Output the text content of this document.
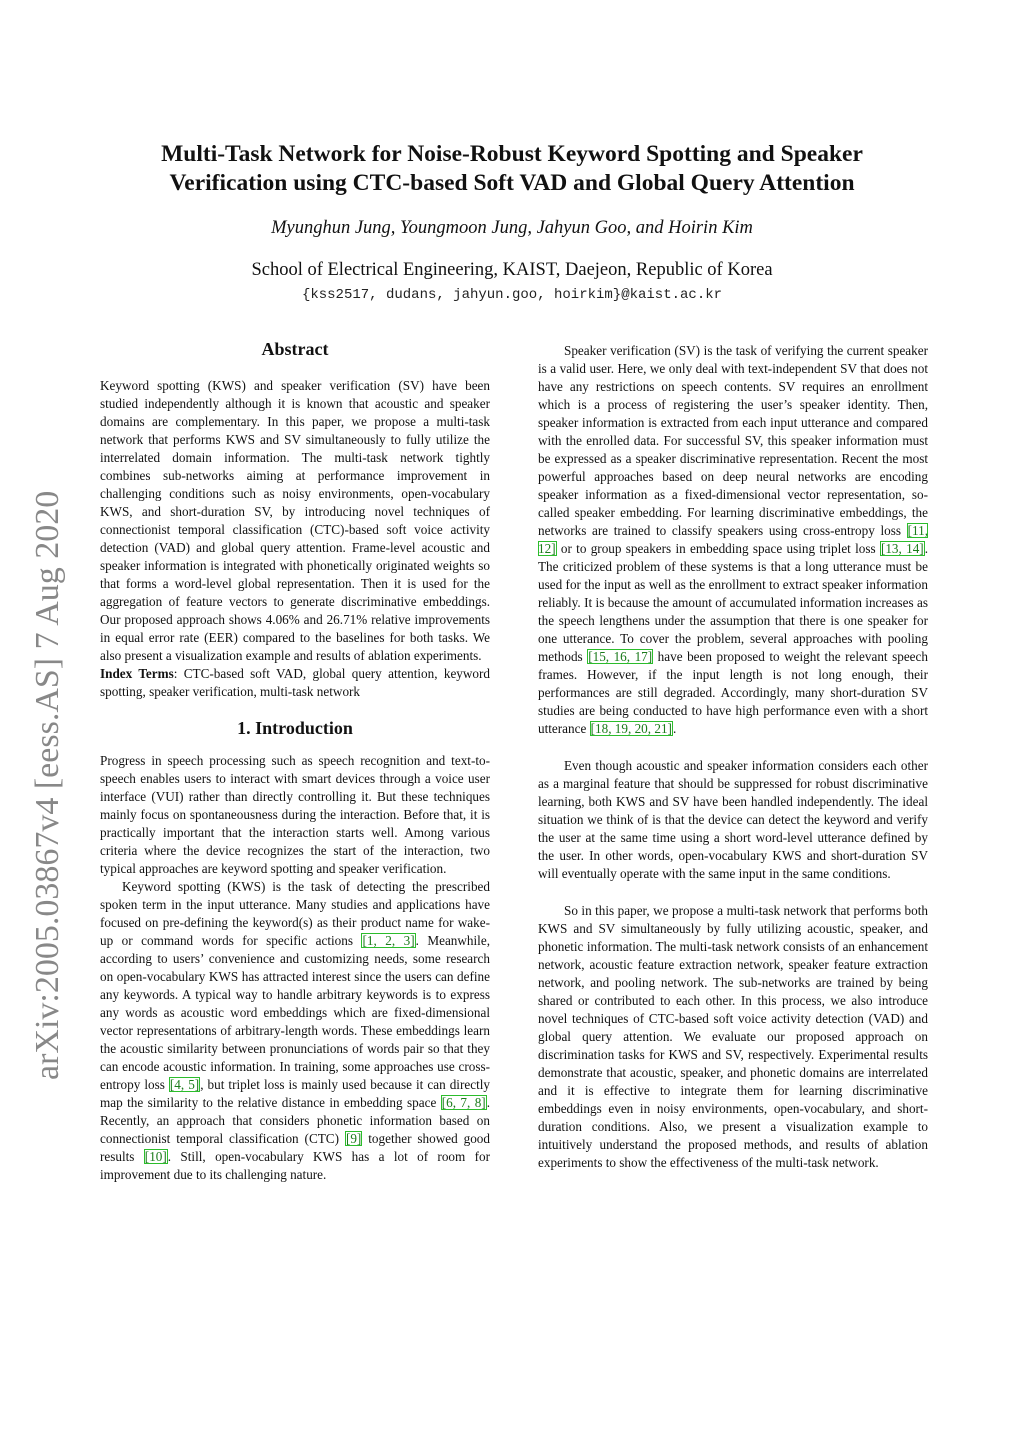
arXiv:2005.03867v4 [eess.AS] 7 Aug 2020
Multi-Task Network for Noise-Robust Keyword Spotting and Speaker
Verification using CTC-based Soft VAD and Global Query Attention
Myunghun Jung, Youngmoon Jung, Jahyun Goo, and Hoirin Kim
School of Electrical Engineering, KAIST, Daejeon, Republic of Korea
{kss2517, dudans, jahyun.goo, hoirkim}@kaist.ac.kr
Abstract

Keyword spotting (KWS) and speaker verification (SV) have been studied independently although it is known that acoustic and speaker domains are complementary. In this paper, we propose a multi-task network that performs KWS and SV simultaneously to fully utilize the interrelated domain information. The multi-task network tightly combines sub-networks aiming at performance improvement in challenging conditions such as noisy environments, open-vocabulary KWS, and short-duration SV, by introducing novel techniques of connectionist temporal classification (CTC)-based soft voice activity detection (VAD) and global query attention. Frame-level acoustic and speaker information is integrated with phonetically originated weights so that forms a word-level global representation. Then it is used for the aggregation of feature vectors to generate discriminative embeddings. Our proposed approach shows 4.06% and 26.71% relative improvements in equal error rate (EER) compared to the baselines for both tasks. We also present a visualization example and results of ablation experiments.

Index Terms: CTC-based soft VAD, global query attention, keyword spotting, speaker verification, multi-task network

1. Introduction

Progress in speech processing such as speech recognition and text-to-speech enables users to interact with smart devices through a voice user interface (VUI) rather than directly controlling it. But these techniques mainly focus on spontaneousness during the interaction. Before that, it is practically important that the interaction starts well. Among various criteria where the device recognizes the start of the interaction, two typical approaches are keyword spotting and speaker verification.

Keyword spotting (KWS) is the task of detecting the prescribed spoken term in the input utterance. Many studies and applications have focused on pre-defining the keyword(s) as their product name for wake-up or command words for specific actions [1, 2, 3]. Meanwhile, according to users’ convenience and customizing needs, some research on open-vocabulary KWS has attracted interest since the users can define any keywords. A typical way to handle arbitrary keywords is to express any words as acoustic word embeddings which are fixed-dimensional vector representations of arbitrary-length words. These embeddings learn the acoustic similarity between pronunciations of words pair so that they can encode acoustic information. In training, some approaches use cross-entropy loss [4, 5], but triplet loss is mainly used because it can directly map the similarity to the relative distance in embedding space [6, 7, 8]. Recently, an approach that considers phonetic information based on connectionist temporal classification (CTC) [9] together showed good results [10]. Still, open-vocabulary KWS has a lot of room for improvement due to its challenging nature.

Speaker verification (SV) is the task of verifying the current speaker is a valid user. Here, we only deal with text-independent SV that does not have any restrictions on speech contents. SV requires an enrollment which is a process of registering the user’s speaker identity. Then, speaker information is extracted from each input utterance and compared with the enrolled data. For successful SV, this speaker information must be expressed as a speaker discriminative representation. Recent the most powerful approaches based on deep neural networks are encoding speaker information as a fixed-dimensional vector representation, so-called speaker embedding. For learning discriminative embeddings, the networks are trained to classify speakers using cross-entropy loss [11, 12] or to group speakers in embedding space using triplet loss [13, 14]. The criticized problem of these systems is that a long utterance must be used for the input as well as the enrollment to extract speaker information reliably. It is because the amount of accumulated information increases as the speech lengthens under the assumption that there is one speaker for one utterance. To cover the problem, several approaches with pooling methods [15, 16, 17] have been proposed to weight the relevant speech frames. However, if the input length is not long enough, their performances are still degraded. Accordingly, many short-duration SV studies are being conducted to have high performance even with a short utterance [18, 19, 20, 21].

Even though acoustic and speaker information considers each other as a marginal feature that should be suppressed for robust discriminative learning, both KWS and SV have been handled independently. The ideal situation we think of is that the device can detect the keyword and verify the user at the same time using a short word-level utterance defined by the user. In other words, open-vocabulary KWS and short-duration SV will eventually operate with the same input in the same conditions.

So in this paper, we propose a multi-task network that performs both KWS and SV simultaneously by fully utilizing acoustic, speaker, and phonetic information. The multi-task network consists of an enhancement network, acoustic feature extraction network, speaker feature extraction network, and pooling network. The sub-networks are trained by being shared or contributed to each other. In this process, we also introduce novel techniques of CTC-based soft voice activity detection (VAD) and global query attention. We evaluate our proposed approach on discrimination tasks for KWS and SV, respectively. Experimental results demonstrate that acoustic, speaker, and phonetic domains are interrelated and it is effective to integrate them for learning discriminative embeddings even in noisy environments, open-vocabulary, and short-duration conditions. Also, we present a visualization example to intuitively understand the proposed methods, and results of ablation experiments to show the effectiveness of the multi-task network.
